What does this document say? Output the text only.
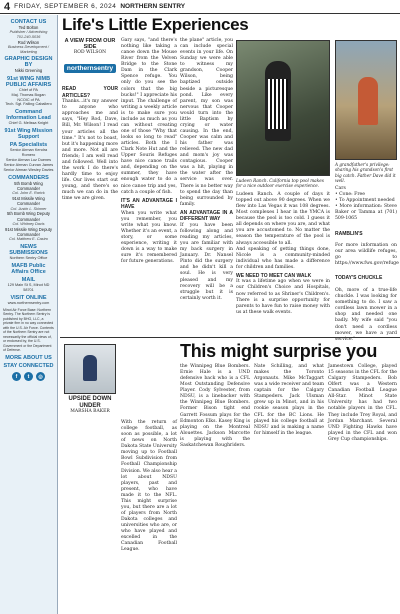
4 FRIDAY, SEPTEMBER 6, 2024 NORTHERN SENTRY
CONTACT US
Ted Bolton
Publisher / Advertising
701-240-5036
Rod Wilson
Business Development / Marketing
GRAPHIC DESIGN BY
Nikki Greening
91st WING NIMB PUBLIC AFFAIRS
Chief of PA
Maj. Thomas Bogan
NCOIC of PA
Tech. Sgt. Falling Caballero
Command Information Lead
Chief G. Melissa Knight
91st Wing Mission Support
PA Specialists
Senior Airman Kendra Romero
Senior Airman Luz Duenes
Senior Airman Curvan James
Senior Airman Wesley Davies
COMMANDERS
5th Bomb Wing Commander
Col. John E. Rarick
91st Missile Wing Commander
Col. Justin L. Skinner
5th Bomb Wing Deputy Commander
Col. Whitney Davis
91st Missile Wing Deputy Commander
Col. Matthew E. Castro
NEWS SUBMISSIONS
Northern Sentry Office
MAFB Public Affairs Office
MAIL
129 Main St S, Minot ND 58701
VISIT ONLINE
www.northernsentry.com
Minot Air Force Base: Northern Sentry. The Northern Sentry is published by BHG, LLC, a private firm in no way connected with the U.S. Air Force. Contents of the Northern Sentry are not necessarily the official views of, or endorsed by, the U.S. Government or the Department of Defense.
MORE ABOUT US
STAY CONNECTED
f	t	◎
Life's Little Experiences
A VIEW FROM OUR SIDE
ROD WILSON
northernsentry
READ YOUR ARTICLES?
Thanks...it's my answer to anyone who approaches me and says, "Hey Rod, Dave, Bill, Mr. Wilson! I read your articles all the time." It's not to boast, but it's happening more and more. Not all are friends; I am well read and followed. Well into the work I do there's hardly time to enjoy life. Our lives start out young, and there's so much we can do in the time we are given.
Gary says, "and there's nothing like taking a canoe down the Mouse River from the Velven Bridge to the Stone Dam in the Clark Spence refuge. You only do you see the colors that the big bucks!" I appreciate his input. The challenge of writing a weekly article is to make sure you include as much as you can without creating one of those "Why that looks so long to read" articles. Both the I Clark Note Hut and the Upper Souris Refuges have nice canoe trails and, depending on the summer, they have enough water to do a nice canoe trip and yes, catch a couple of fish.
IT'S AN ADVANTAGE I HAVE
When you write what you remember, you write what you know. Whether it's an event, a story, or some experience, writing it down is a way to make sure it's remembered for future generations.
the plane" article, you can include special events in your life. On Sunday we were able to witness my grandson, Cooper Wilson, being baptized outside beside a picturesque pond. Like every parent, my son was nervous that Cooper would turn into the little Baptism by crying or water causing. In the end, Cooper was calm and his father was relieved. The new dad and mom's joy was contagious. Cooper was a hit, playing in the water after the service was over. There is no better way to spend the day than being surrounded by family.
AN ADVANTAGE IN A DIFFERENT WAY
If you have been following along and reading my articles, you are familiar with my back surgery in January. Dr. Nansel Pinto did the surgery and he didn't kill a soul. He is very pleased and my recovery will be a struggle but it is certainly worth it.
Ludeen Ranch. California top pool makes for a nice outdoor exercise experience.
A grandfather's privilege: sharing his grandson's first big catch. Father Dave did it well.
Ludeen Ranch. A couple of days it topped out above 90 degrees. When we flew into Las Vegas it was 108 degrees. Most complexes I hear in the YMCA is because the pool is too cold. I guess it all depends on where you are, and what you are accustomed to. No matter the season the temperature of the pool is always accessible to all.
And speaking of getting things done, Nicole is a community-minded individual who has made a difference for children and families.
WE NEED TO MEET CAN WALK
It was a lifetime ago when we were in our Children's Choice and Hospitals, now referred to as Shriner's Children's. There is a surprise opportunity for parents to have fun to raise money with us at these walk events.

Cars
• Cone: Free
• To Appointment needed
• More information: Steve Baker or Tamma at (701) 509-1065

RAMBLIN'S

For more information on our area wildlife refuges, go to https://www.fws.gov/refuge

TODAY'S CHUCKLE

Oh, more of a true-life chuckle. I was looking for something to do. I saw a cordless lawn mower in a shop and needed one badly. My wife said "you don't need a cordless mower, we have a yard service."

This might surprise you
UPSIDE DOWN UNDER
MARSHA BAKER
With the return of college football, as soon as possible, a lot of news on North Dakota State University moving up to Football Bowl Subdivision from Football Championship Division. We also hear a lot about NDSU players, past and present, who have made it to the NFL. This might surprise you, but there are a lot of players from North Dakota colleges and universities who are, or who have played and excelled in the Canadian Football League.
the Winnipeg Blue Bombers. Ernie Hale is a UND defensive back who is a CFL Most Outstanding Defensive Player. Cody Sylvester, from NDSU, is a linebacker with the Winnipeg Blue Bombers. Former Bison tight end Garrett Fossum plays for the Edmonton Elks. Kasey King is playing on the Montreal Alouettes. Jackson Marcotte is playing with the Saskatchewan Roughriders.
Nate Schilling, and what makes the Toronto Argonauts. Mike McTaggart was a wide receiver and team captain for the Calgary Stampeders. Jack Ulsman grew up in Minot, and in his rookie season plays in the CFL for the BC Lions. He played his college football at NDSU and is making a name for himself in the league.
Jamestown College, played 15 seasons in the CFL for the Calgary Stampeders. Bob Olfert was a Western Canadian Football League All-Star. Minot State University has had two notable players in the CFL. They include Trey Royal, and Jordan Marchant. Several UND Fighting Hawks have played in the CFL and won Grey Cup championships.
